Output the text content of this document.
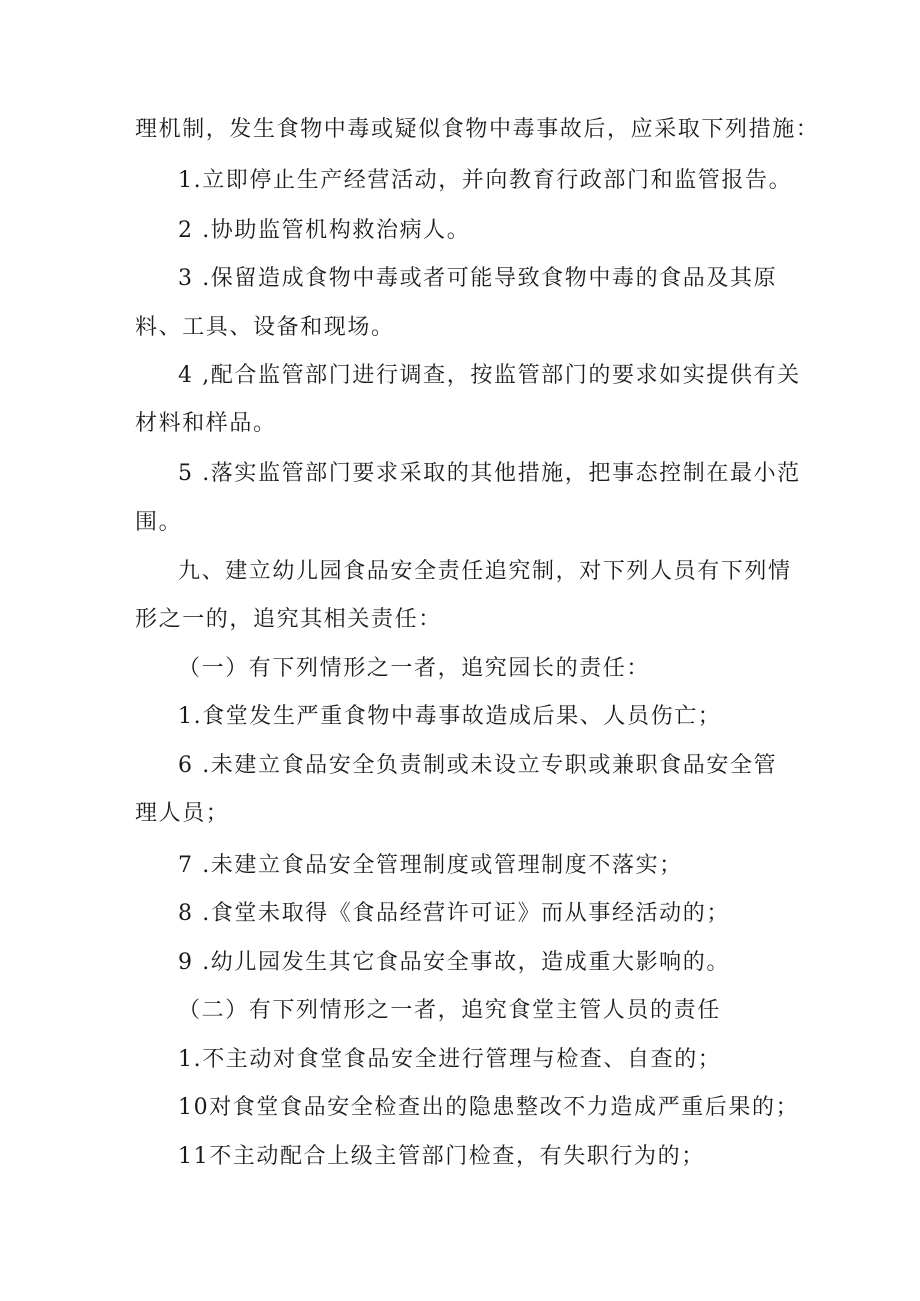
理机制，发生食物中毒或疑似食物中毒事故后，应采取下列措施：
1.立即停止生产经营活动，并向教育行政部门和监管报告。
2 .协助监管机构救治病人。
3 .保留造成食物中毒或者可能导致食物中毒的食品及其原
料、工具、设备和现场。
4 ,配合监管部门进行调查，按监管部门的要求如实提供有关
材料和样品。
5 .落实监管部门要求采取的其他措施，把事态控制在最小范
围。
九、建立幼儿园食品安全责任追究制，对下列人员有下列情
形之一的，追究其相关责任：
（一）有下列情形之一者，追究园长的责任：
1.食堂发生严重食物中毒事故造成后果、人员伤亡；
6 .未建立食品安全负责制或未设立专职或兼职食品安全管
理人员；
7 .未建立食品安全管理制度或管理制度不落实；
8 .食堂未取得《食品经营许可证》而从事经活动的；
9 .幼儿园发生其它食品安全事故，造成重大影响的。
（二）有下列情形之一者，追究食堂主管人员的责任
1.不主动对食堂食品安全进行管理与检查、自查的；
10对食堂食品安全检查出的隐患整改不力造成严重后果的；
11不主动配合上级主管部门检查，有失职行为的；
